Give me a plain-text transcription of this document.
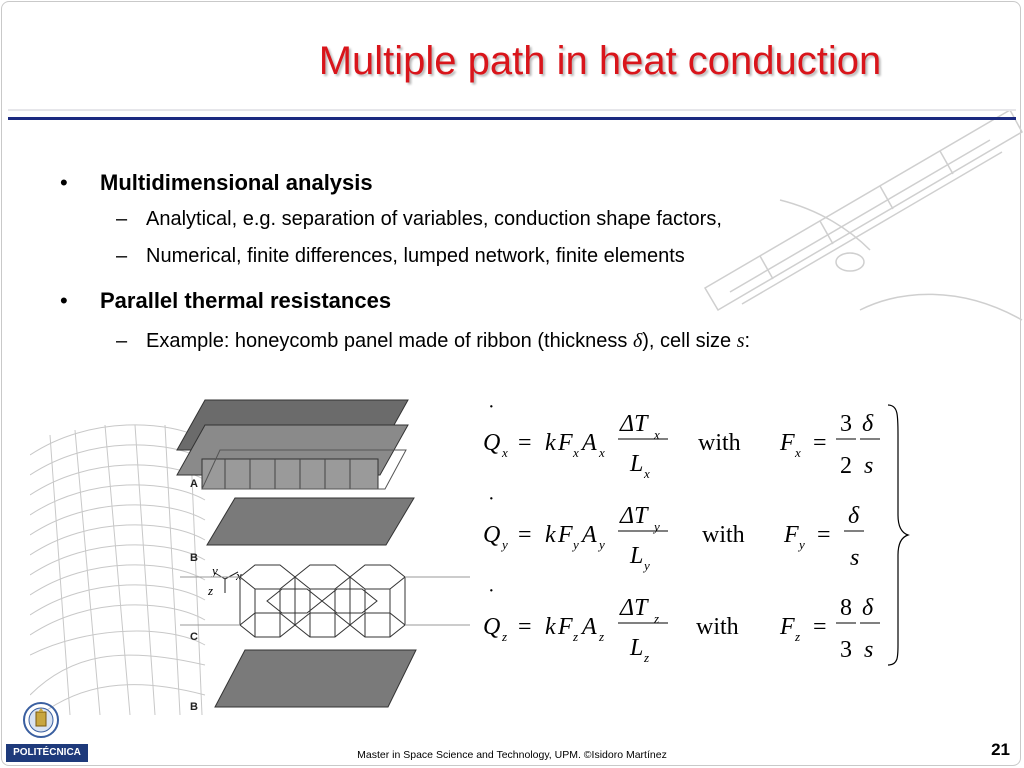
Multiple path in heat conduction
• Multidimensional analysis
– Analytical, e.g. separation of variables, conduction shape factors,
– Numerical, finite differences, lumped network, finite elements
• Parallel thermal resistances
– Example: honeycomb panel made of ribbon (thickness δ), cell size s:
A
B
y x
z
C
B
·
Q x = k F x A x
ΔT x
L x
with F x =
3
2
δ
s
·
Q y = k F y A y
ΔT y
L y
with F y =
δ
s
·
Q z = k F z A z
ΔT z
L z
with F z =
8
3
δ
s
POLITÉCNICA	Master in Space Science and Technology, UPM. ©Isidoro Martínez	21
